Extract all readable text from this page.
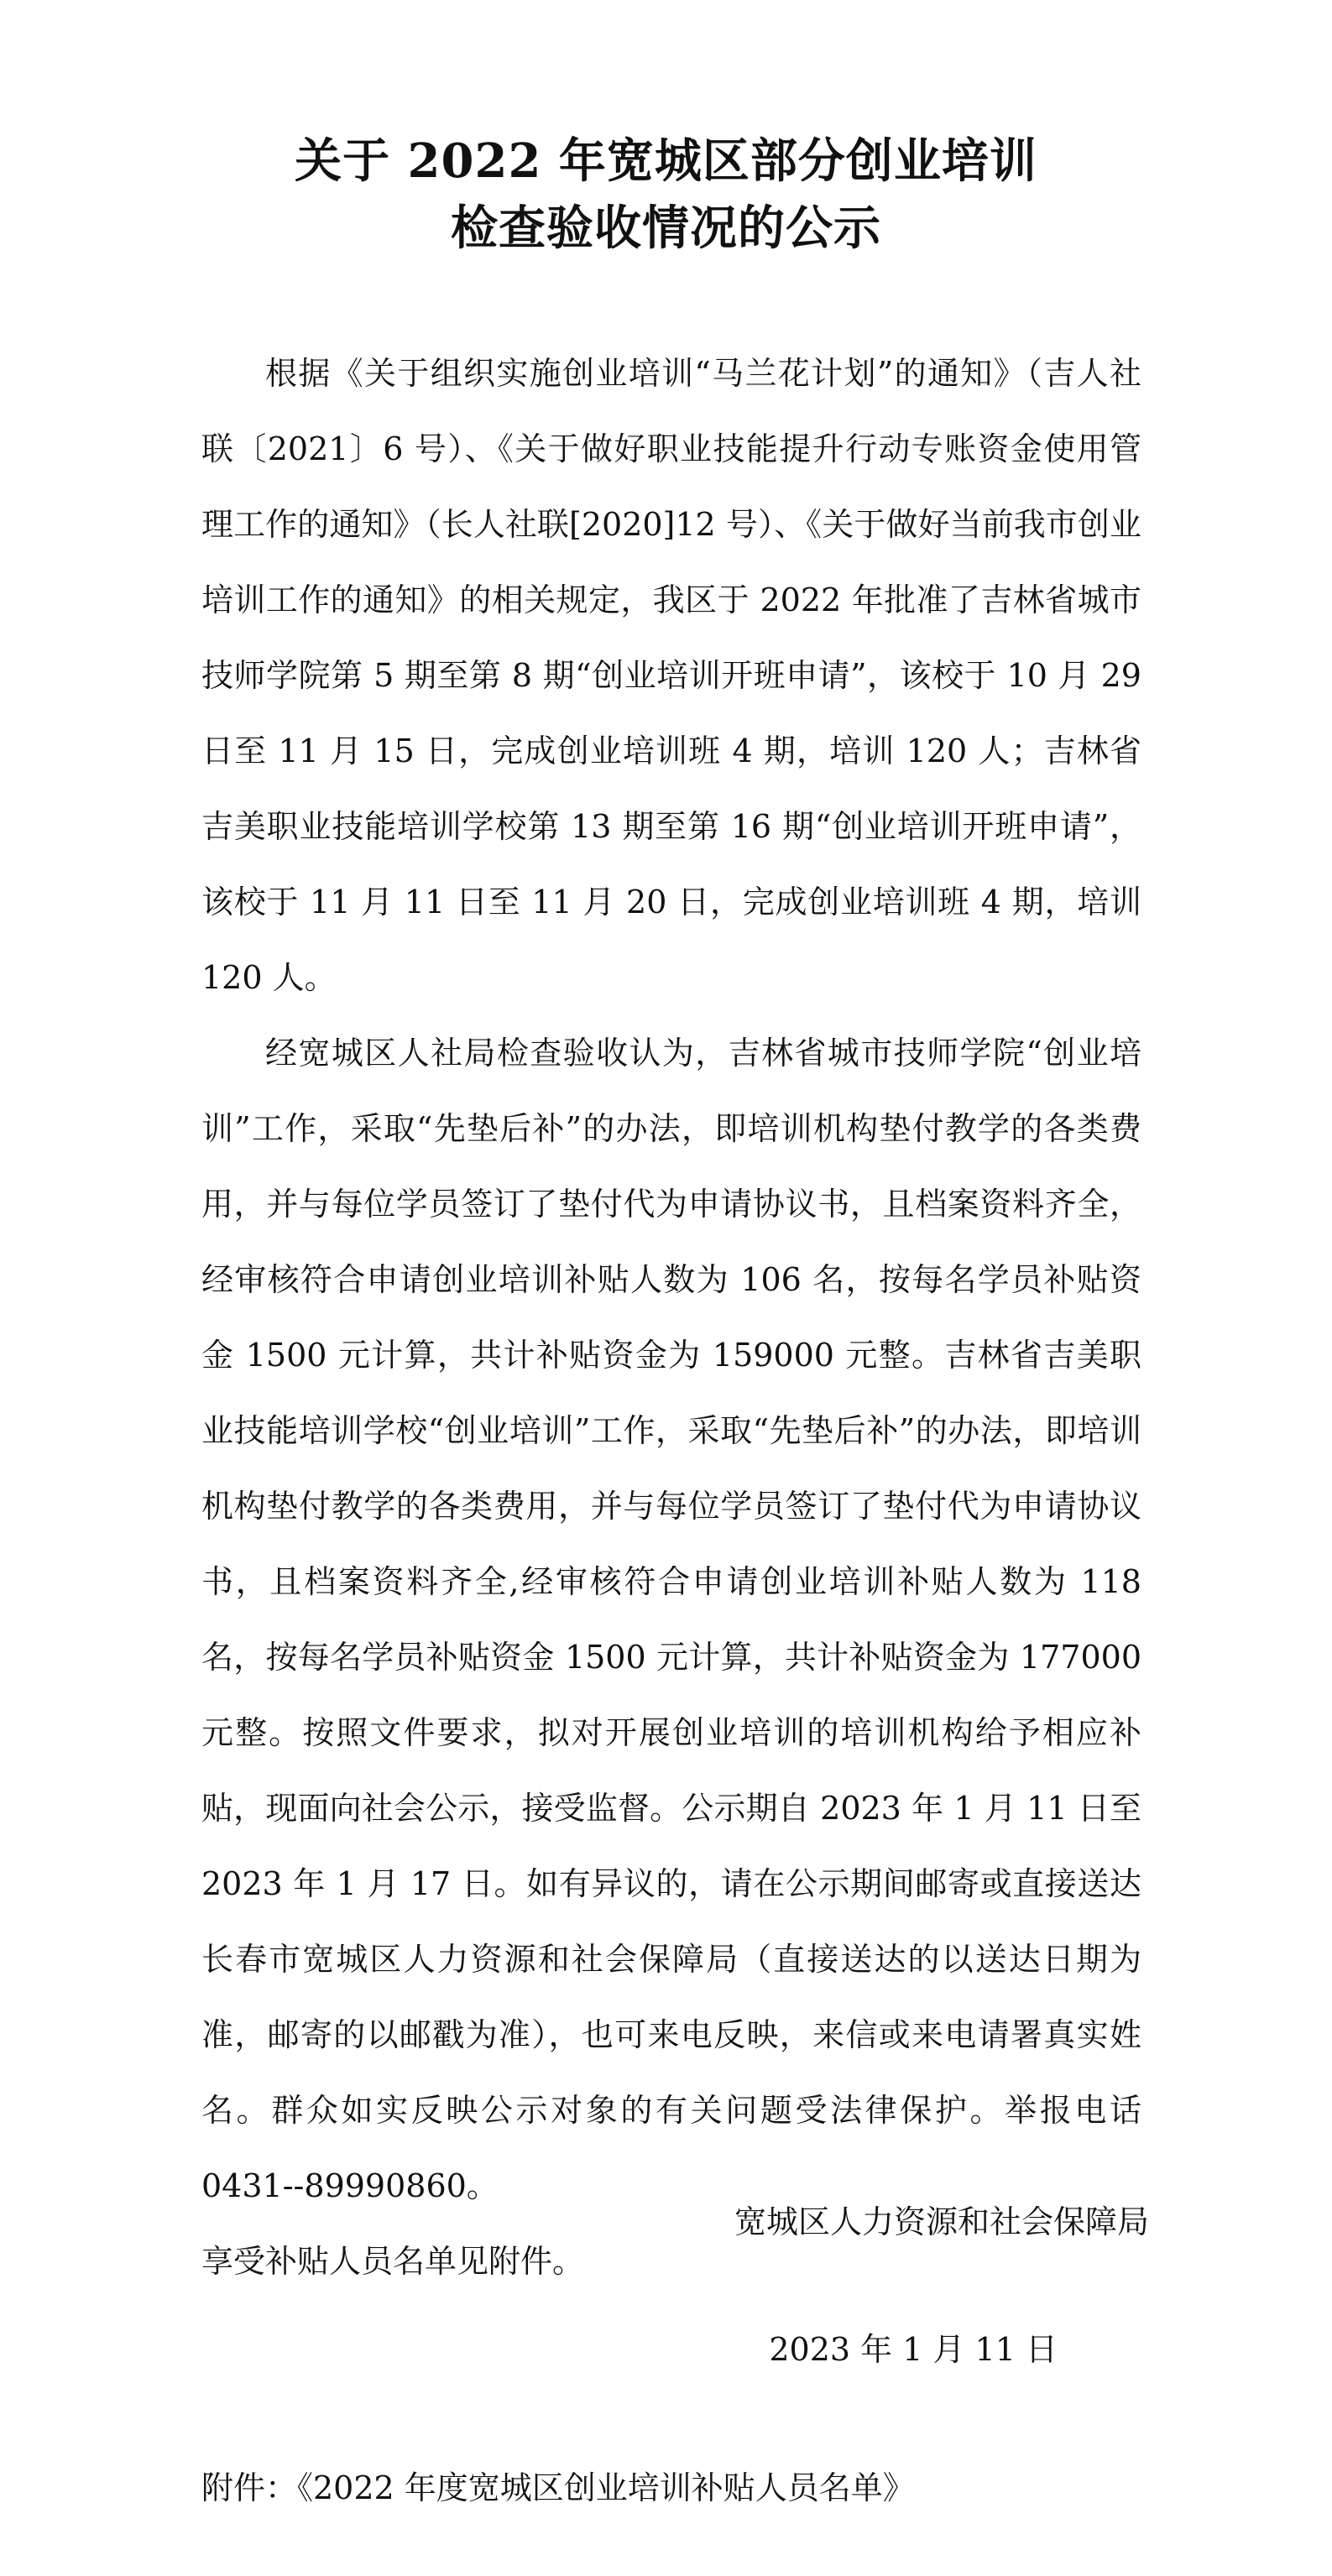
关于 2022 年宽城区部分创业培训
检查验收情况的公示

根据《关于组织实施创业培训“马兰花计划”的通知》（吉人社联〔2021〕6 号）、《关于做好职业技能提升行动专账资金使用管理工作的通知》（长人社联[2020]12 号）、《关于做好当前我市创业培训工作的通知》的相关规定，我区于 2022 年批准了吉林省城市技师学院第 5 期至第 8 期“创业培训开班申请”，该校于 10 月 29 日至 11 月 15 日，完成创业培训班 4 期，培训 120 人；吉林省吉美职业技能培训学校第 13 期至第 16 期“创业培训开班申请”，该校于 11 月 11 日至 11 月 20 日，完成创业培训班 4 期，培训 120 人。

经宽城区人社局检查验收认为，吉林省城市技师学院“创业培训”工作，采取“先垫后补”的办法，即培训机构垫付教学的各类费用，并与每位学员签订了垫付代为申请协议书，且档案资料齐全，经审核符合申请创业培训补贴人数为 106 名，按每名学员补贴资金 1500 元计算，共计补贴资金为 159000 元整。吉林省吉美职业技能培训学校“创业培训”工作，采取“先垫后补”的办法，即培训机构垫付教学的各类费用，并与每位学员签订了垫付代为申请协议书，且档案资料齐全,经审核符合申请创业培训补贴人数为 118 名，按每名学员补贴资金 1500 元计算，共计补贴资金为 177000 元整。按照文件要求，拟对开展创业培训的培训机构给予相应补贴，现面向社会公示，接受监督。公示期自 2023 年 1 月 11 日至 2023 年 1 月 17 日。如有异议的，请在公示期间邮寄或直接送达长春市宽城区人力资源和社会保障局（直接送达的以送达日期为准，邮寄的以邮戳为准），也可来电反映，来信或来电请署真实姓名。群众如实反映公示对象的有关问题受法律保护。举报电话 0431--89990860。

享受补贴人员名单见附件。

宽城区人力资源和社会保障局

2023 年 1 月 11 日

附件：《2022 年度宽城区创业培训补贴人员名单》
